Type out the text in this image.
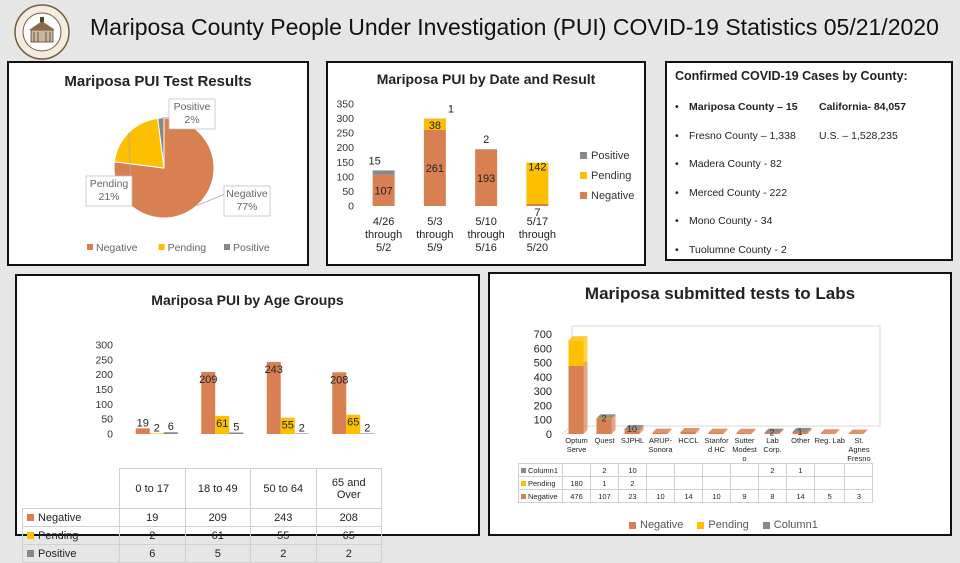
Mariposa County People Under Investigation (PUI) COVID-19 Statistics 05/21/2020
Mariposa PUI Test Results
Negative 77%
Pending 21%
Positive 2%
Negative	Pending	Positive
Mariposa PUI by Date and Result
0
50
100
150
200
250
300
350
107
15
4/26 through 5/2
261
38
1
5/3 through 5/9
193
2
5/10 through 5/16
7
142
5/17 through 5/20
Positive
Pending
Negative
Confirmed COVID-19 Cases by County:
• Mariposa County – 15	California- 84,057
• Fresno County – 1,338	U.S. – 1,528,235
• Madera County - 82
• Merced County - 222
• Mono County - 34
• Tuolumne County - 2
Mariposa PUI by Age Groups
0
50
100
150
200
250
300
19 2 6
209
61 5
243
55 2
208
65 2
	0 to 17	18 to 49	50 to 64	65 and
Over
Negative	19	209	243	208
Pending	2	61	55	65
Positive	6	5	2	2
Mariposa submitted tests to Labs
0
100
200
300
400
500
600
700
2
10	2	1
	Optum
Serve	Quest	SJPHL	ARUP-
Sonora	HCCL	Stanfor
d HC	Sutter
Modest
o	Lab
Corp.	Other	Reg. Lab	St.
Agnes
Fresno
Column1		2	10					2	1		
Pending	180	1	2								
Negative	476	107	23	10	14	10	9	8	14	5	3
Negative Pending Column1
